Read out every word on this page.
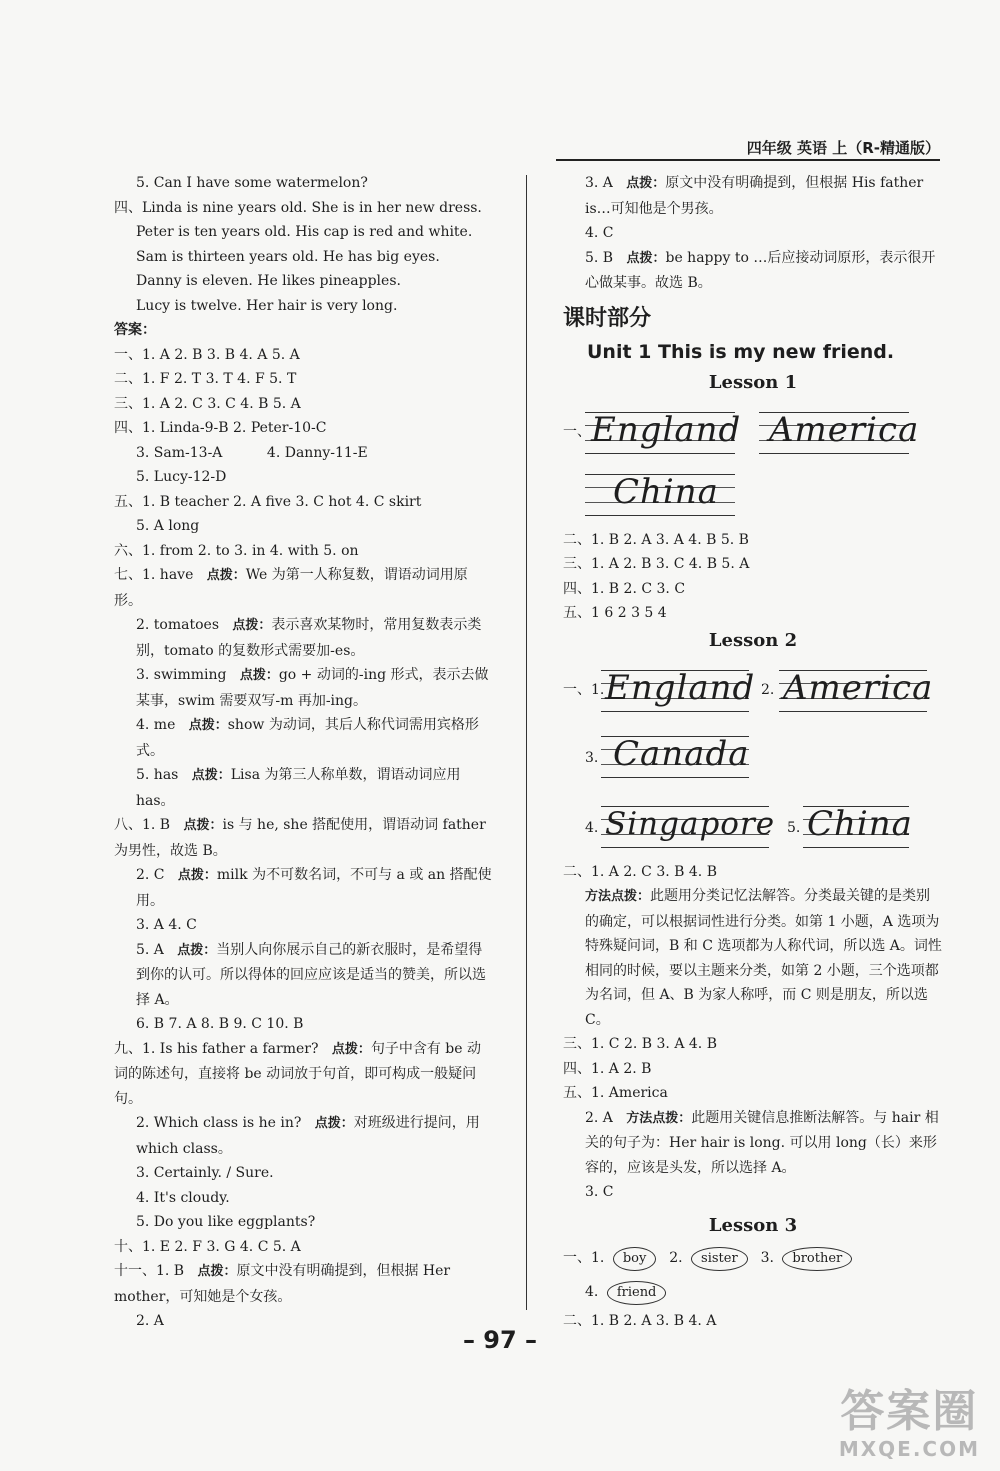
四年级 英语 上（R-精通版）
5. Can I have some watermelon?
四、Linda is nine years old. She is in her new dress.
Peter is ten years old. His cap is red and white.
Sam is thirteen years old. He has big eyes.
Danny is eleven. He likes pineapples.
Lucy is twelve. Her hair is very long.
答案：
一、1. A 2. B 3. B 4. A 5. A
二、1. F 2. T 3. T 4. F 5. T
三、1. A 2. C 3. C 4. B 5. A
四、1. Linda-9-B 2. Peter-10-C
3. Sam-13-A	4. Danny-11-E
5. Lucy-12-D
五、1. B teacher 2. A five 3. C hot 4. C skirt
5. A long
六、1. from 2. to 3. in 4. with 5. on
七、1. have 点拨：We 为第一人称复数，谓语动词用原形。
2. tomatoes 点拨：表示喜欢某物时，常用复数表示类别，tomato 的复数形式需要加-es。
3. swimming 点拨：go + 动词的-ing 形式，表示去做某事，swim 需要双写-m 再加-ing。
4. me 点拨：show 为动词，其后人称代词需用宾格形式。
5. has 点拨：Lisa 为第三人称单数，谓语动词应用 has。
八、1. B 点拨：is 与 he, she 搭配使用，谓语动词 father 为男性，故选 B。
2. C 点拨：milk 为不可数名词，不可与 a 或 an 搭配使用。
3. A 4. C
5. A 点拨：当别人向你展示自己的新衣服时，是希望得到你的认可。所以得体的回应应该是适当的赞美，所以选择 A。
6. B 7. A 8. B 9. C 10. B
九、1. Is his father a farmer? 点拨：句子中含有 be 动词的陈述句，直接将 be 动词放于句首，即可构成一般疑问句。
2. Which class is he in? 点拨：对班级进行提问，用 which class。
3. Certainly. / Sure.
4. It's cloudy.
5. Do you like eggplants?
十、1. E 2. F 3. G 4. C 5. A
十一、1. B 点拨：原文中没有明确提到，但根据 Her mother，可知她是个女孩。
2. A
3. A 点拨：原文中没有明确提到，但根据 His father is…可知他是个男孩。
4. C
5. B 点拨：be happy to …后应接动词原形，表示很开心做某事。故选 B。
课时部分
Unit 1 This is my new friend.
Lesson 1
一、 England America
China
二、1. B 2. A 3. A 4. B 5. B
三、1. A 2. B 3. C 4. B 5. A
四、1. B 2. C 3. C
五、1 6 2 3 5 4
Lesson 2
一、1. England 2. America
3. Canada
4. Singapore 5. China
二、1. A 2. C 3. B 4. B
方法点拨：此题用分类记忆法解答。分类最关键的是类别的确定，可以根据词性进行分类。如第 1 小题，A 选项为特殊疑问词，B 和 C 选项都为人称代词，所以选 A。词性相同的时候，要以主题来分类，如第 2 小题，三个选项都为名词，但 A、B 为家人称呼，而 C 则是朋友，所以选 C。
三、1. C 2. B 3. A 4. B
四、1. A 2. B
五、1. America
2. A 方法点拨：此题用关键信息推断法解答。与 hair 相关的句子为：Her hair is long. 可以用 long（长）来形容的，应该是头发，所以选择 A。
3. C
Lesson 3
一、1. boy 2. sister 3. brother
4. friend
二、1. B 2. A 3. B 4. A
– 97 –
答案圈
MXQE.COM
